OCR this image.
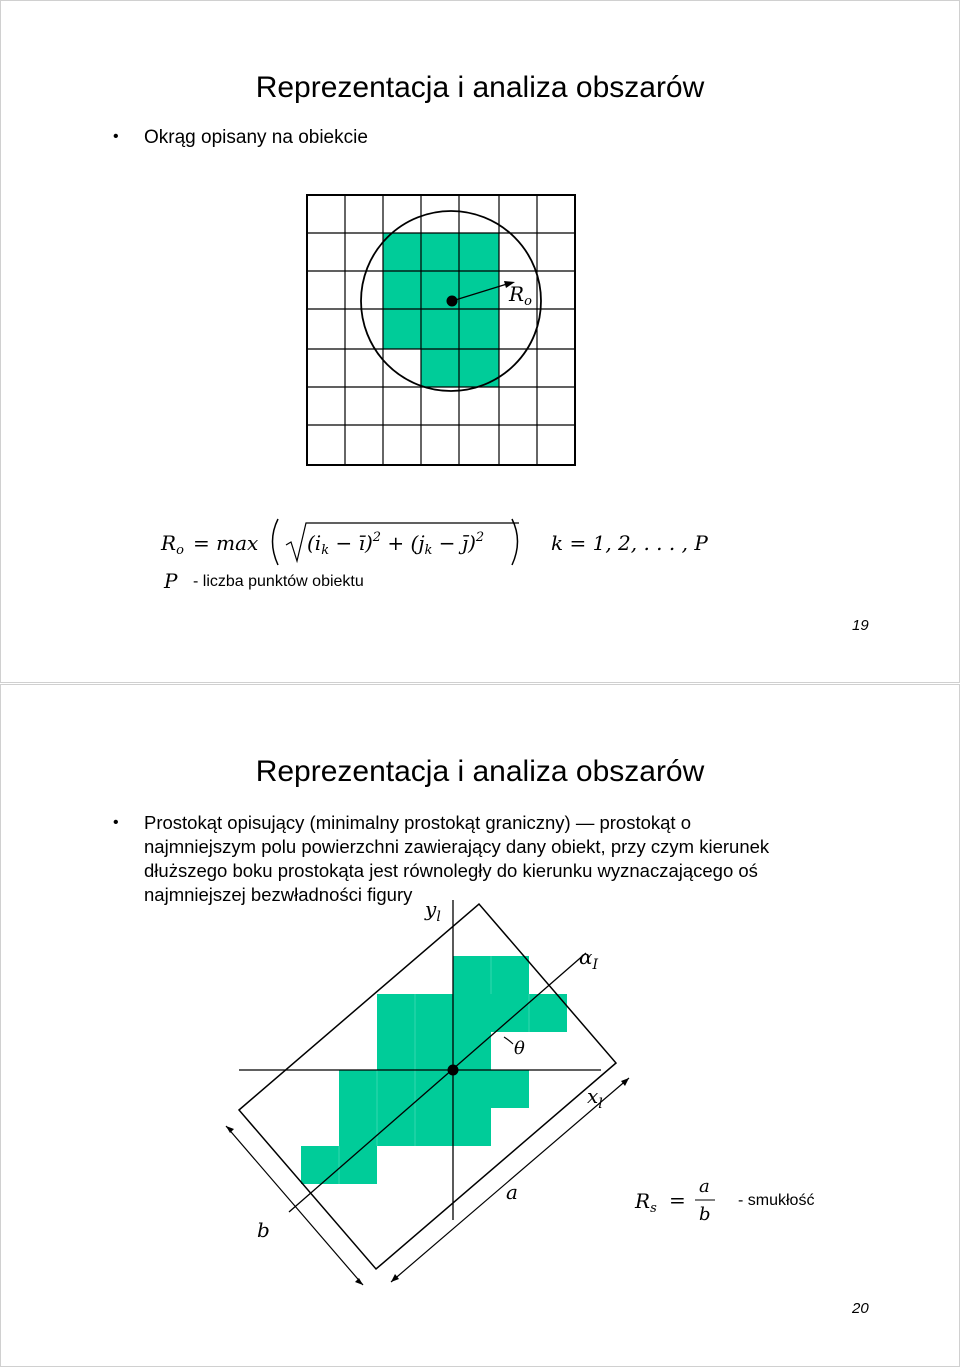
Reprezentacja i analiza obszarów
• Okrąg opisany na obiekcie
$R_o$
$R_o = \max (i_k$ − ī)$^2$ + ($j_k$ − j̄)$^2$	k = 1, 2, . . . , P
P - liczba punktów obiektu
19
Reprezentacja i analiza obszarów
• Prostokąt opisujący (minimalny prostokąt graniczny) — prostokąt o
najmniejszym polu powierzchni zawierający dany obiekt, przy czym kierunek
dłuższego boku prostokąta jest równoległy do kierunku wyznaczającego oś
najmniejszej bezwładności figury
$y_l$
$\alpha_I$
θ
$x_l$
a
b
$R_s$ =
a
b
- smukłość
20
